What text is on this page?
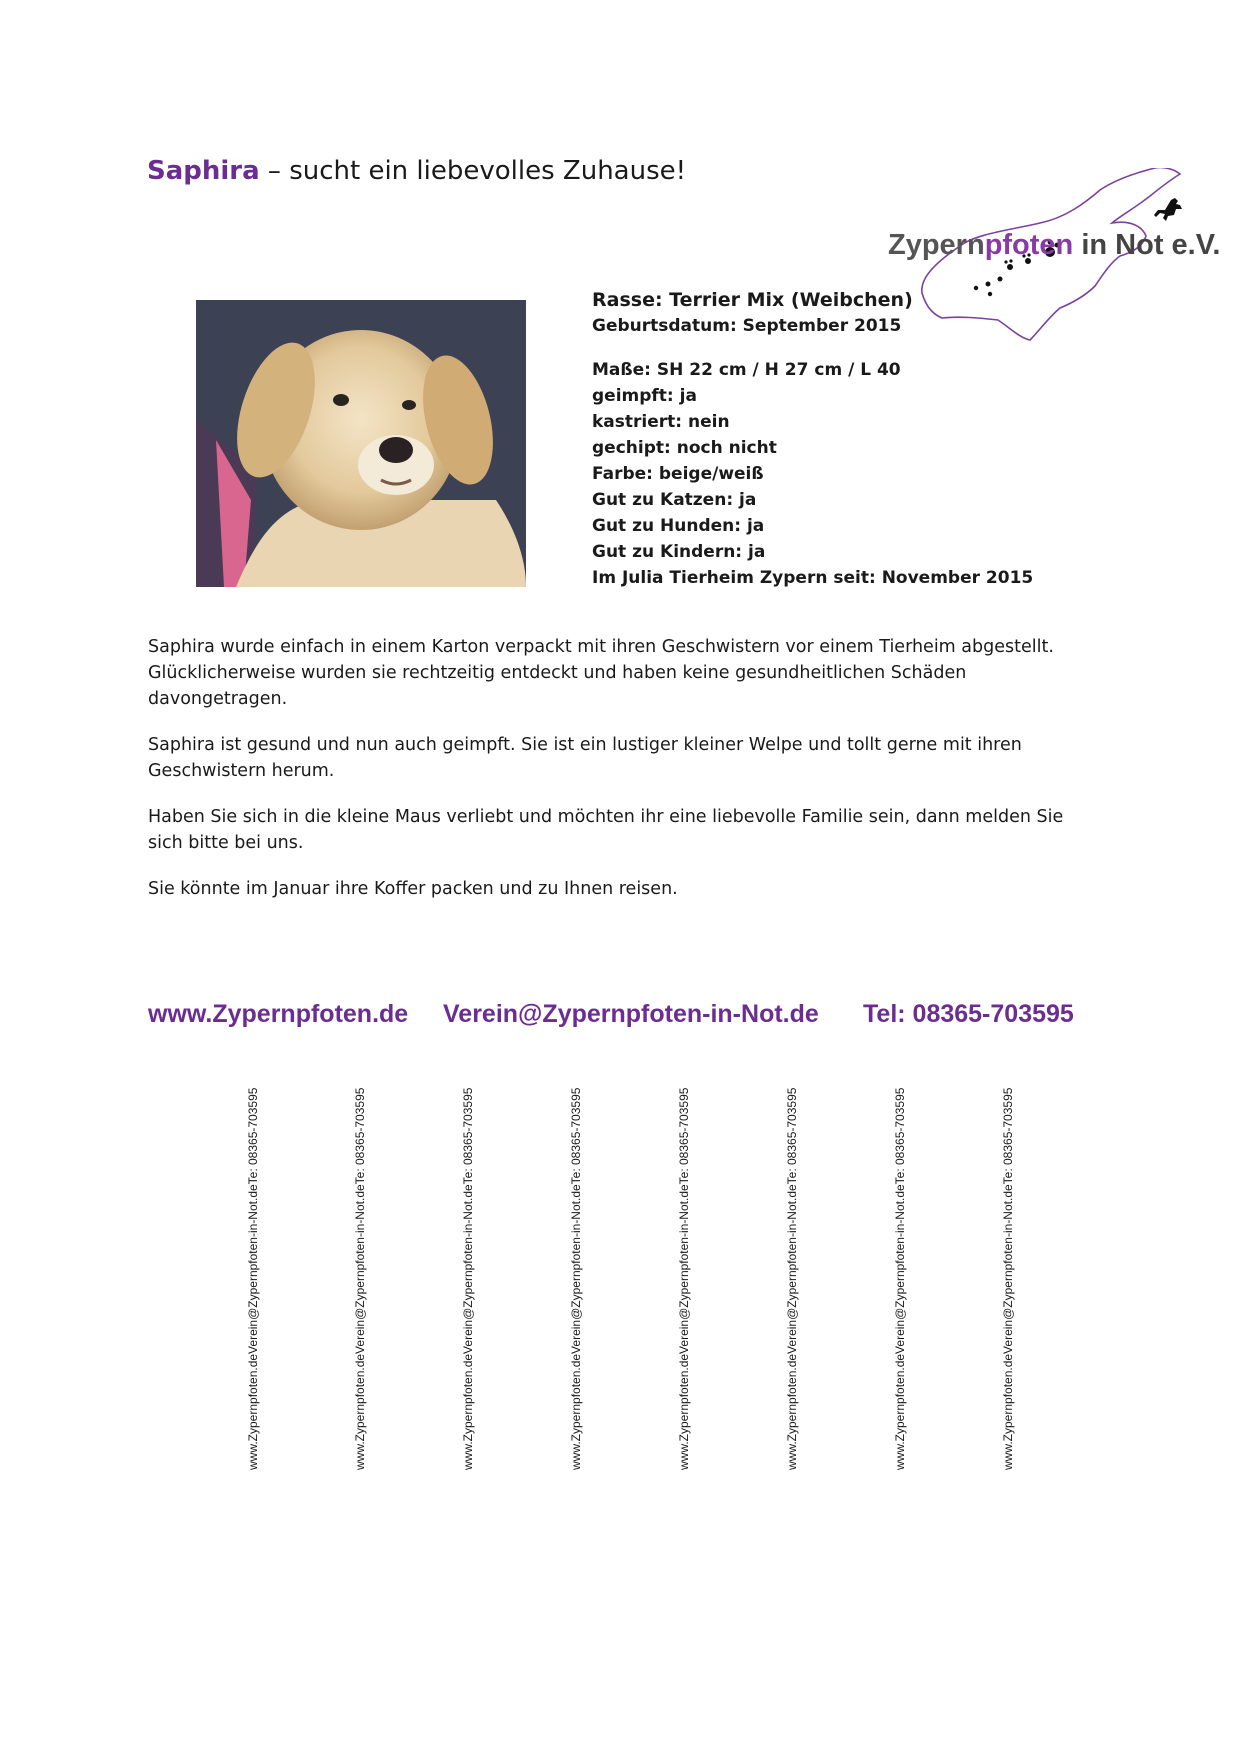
Saphira – sucht ein liebevolles Zuhause!
Zypernpfoten in Not e.V.
Rasse: Terrier Mix (Weibchen)
Geburtsdatum: September 2015
Maße: SH 22 cm / H 27 cm / L 40
geimpft: ja
kastriert: nein
gechipt: noch nicht
Farbe: beige/weiß
Gut zu Katzen: ja
Gut zu Hunden: ja
Gut zu Kindern: ja
Im Julia Tierheim Zypern seit: November 2015

Saphira wurde einfach in einem Karton verpackt mit ihren Geschwistern vor einem Tierheim abgestellt. Glücklicherweise wurden sie rechtzeitig entdeckt und haben keine gesundheitlichen Schäden davongetragen.

Saphira ist gesund und nun auch geimpft. Sie ist ein lustiger kleiner Welpe und tollt gerne mit ihren Geschwistern herum.

Haben Sie sich in die kleine Maus verliebt und möchten ihr eine liebevolle Familie sein, dann melden Sie sich bitte bei uns.

Sie könnte im Januar ihre Koffer packen und zu Ihnen reisen.

www.Zypernpfoten.de Verein@Zypernpfoten-in-Not.de Tel: 08365-703595
www.Zypernpfoten.de
Verein@Zypernpfoten-in-Not.de
Te: 08365-703595
www.Zypernpfoten.de
Verein@Zypernpfoten-in-Not.de
Te: 08365-703595
www.Zypernpfoten.de
Verein@Zypernpfoten-in-Not.de
Te: 08365-703595
www.Zypernpfoten.de
Verein@Zypernpfoten-in-Not.de
Te: 08365-703595
www.Zypernpfoten.de
Verein@Zypernpfoten-in-Not.de
Te: 08365-703595
www.Zypernpfoten.de
Verein@Zypernpfoten-in-Not.de
Te: 08365-703595
www.Zypernpfoten.de
Verein@Zypernpfoten-in-Not.de
Te: 08365-703595
www.Zypernpfoten.de
Verein@Zypernpfoten-in-Not.de
Te: 08365-703595
